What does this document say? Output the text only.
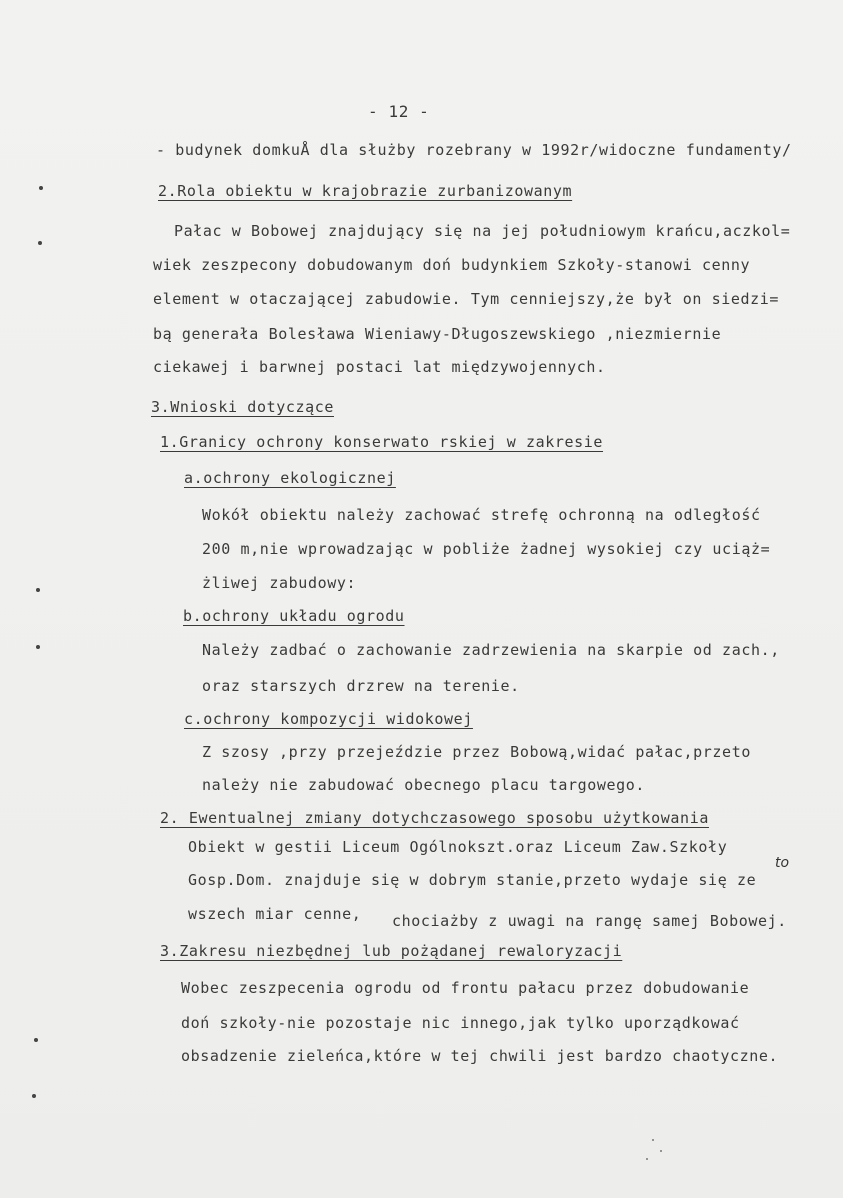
- 12 -
- budynek domkuÅ dla służby rozebrany w 1992r/widoczne fundamenty/
2.Rola obiektu w krajobrazie zurbanizowanym
Pałac w Bobowej znajdujący się na jej południowym krańcu,aczkol=
wiek zeszpecony dobudowanym doń budynkiem Szkoły-stanowi cenny
element w otaczającej zabudowie. Tym cenniejszy,że był on siedzi=
bą generała Bolesława Wieniawy-Długoszewskiego ,niezmiernie
ciekawej i barwnej postaci lat międzywojennych.
3.Wnioski dotyczące
1.Granicy ochrony konserwato rskiej w zakresie
a.ochrony ekologicznej
Wokół obiektu należy zachować strefę ochronną na odległość
200 m,nie wprowadzając w pobliże żadnej wysokiej czy uciąż=
żliwej zabudowy:
b.ochrony układu ogrodu
Należy zadbać o zachowanie zadrzewienia na skarpie od zach.,
oraz starszych drzrew na terenie.
c.ochrony kompozycji widokowej
Z szosy ,przy przejeździe przez Bobową,widać pałac,przeto
należy nie zabudować obecnego placu targowego.
2. Ewentualnej zmiany dotychczasowego sposobu użytkowania
Obiekt w gestii Liceum Ogólnokszt.oraz Liceum Zaw.Szkoły
Gosp.Dom. znajduje się w dobrym stanie,przeto wydaje się ze
to
wszech miar cenne, chociażby z uwagi na rangę samej Bobowej.
3.Zakresu niezbędnej lub pożądanej rewaloryzacji
Wobec zeszpecenia ogrodu od frontu pałacu przez dobudowanie
doń szkoły-nie pozostaje nic innego,jak tylko uporządkować
obsadzenie zieleńca,które w tej chwili jest bardzo chaotyczne.
